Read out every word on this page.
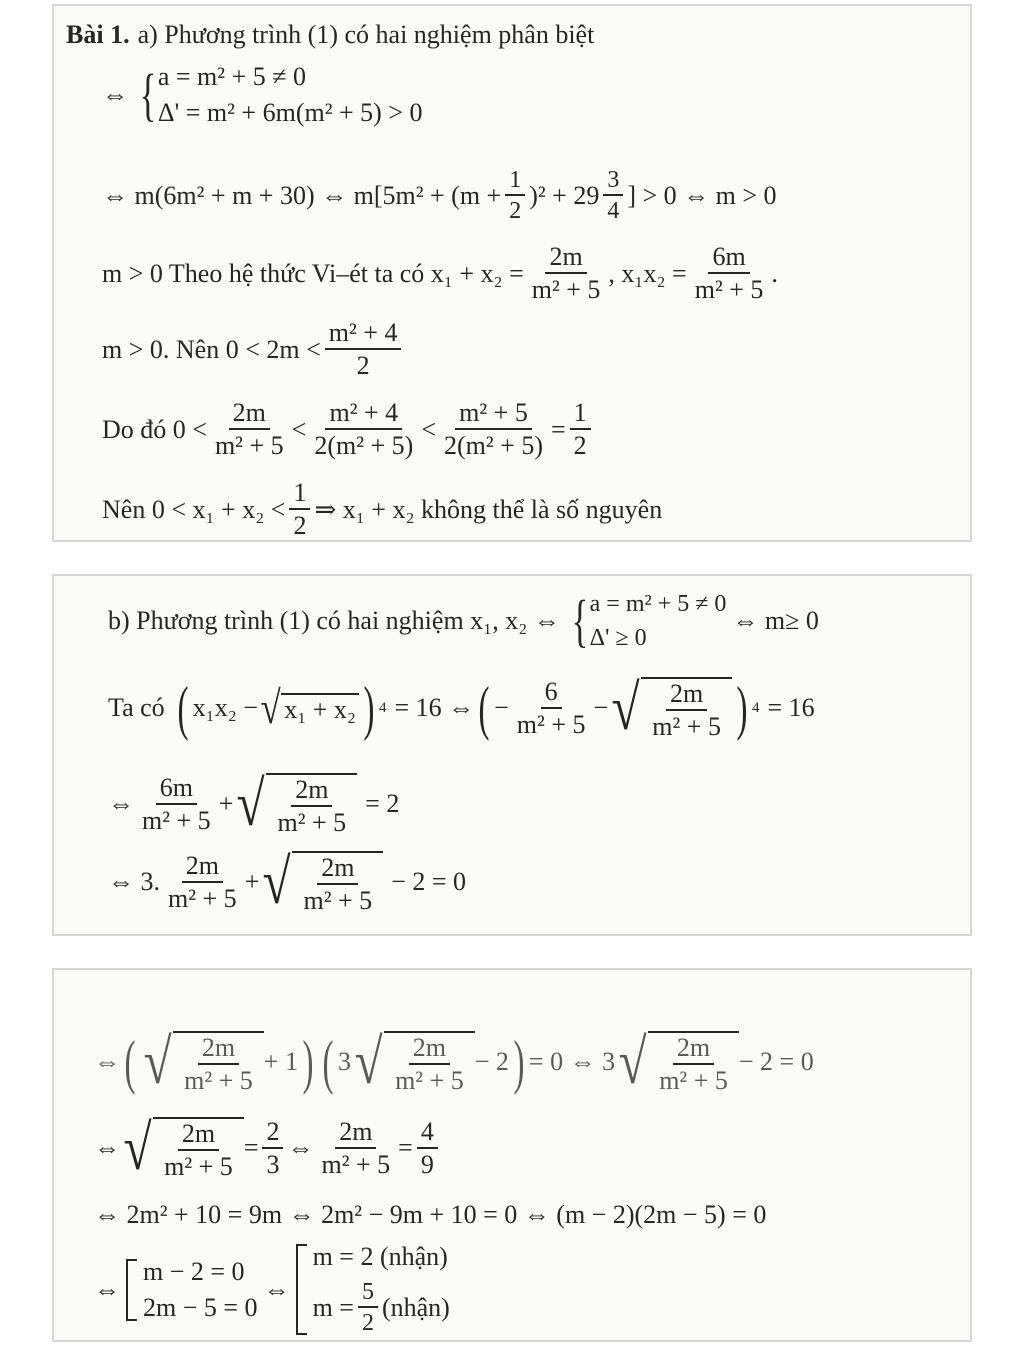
Bài 1. a) Phương trình (1) có hai nghiệm phân biệt
⇔ { a = m² + 5 ≠ 0
Δ' = m² + 6m(m² + 5) > 0
⇔ m(6m² + m + 30) ⇔ $m[5m^2 + (m + \frac{1}{2} )^2 + 29 \frac{3}{4}$ ] > 0 ⇔ m > 0
m > 0 Theo hệ thức Vi–ét ta có $x_1 + x_2 = \frac{2m}{\text{m² + 5}}$ , $x_1x_2 = \frac{6m}{\text{m² + 5}}$ .
m > 0. Nên $0 < 2m < \frac{\text{m² + 4}}{2}$
Do đó $0 < \frac{2m}{\text{m² + 5}} < \frac{\text{m² + 4}}{\text{2(m² + 5)}} < \frac{\text{m² + 5}}{\text{2(m² + 5)}} = \frac{1}{2}$
Nên $0 < x_1 + x_2 < \frac{1}{2}$ ⇒ x₁ + x₂ không thể là số nguyên
b) Phương trình (1) có hai nghiệm x₁, x₂ ⇔ { a = m² + 5 ≠ 0
Δ' ≥ 0
⇔ m≥ 0
Ta có ( x₁x₂ − √ x₁ + x₂ ) 4 = 16 ⇔ ( − $\frac{6}{\text{m² + 5}}$ − √ $\frac{2m}{\text{m² + 5}}$ ) 4 = 16
⇔ $\frac{6m}{\text{m² + 5}}$ + √ $\frac{2m}{\text{m² + 5}} = 2$
⇔ 3. $\frac{2m}{\text{m² + 5}}$ + √ $\frac{2m}{\text{m² + 5}} - 2 = 0$
⇔ ( √ $\frac{2m}{\text{m² + 5}} + 1$ ) ( 3 √ $\frac{2m}{\text{m² + 5}} - 2$ ) = 0 ⇔ 3 √ $\frac{2m}{\text{m² + 5}} - 2 = 0$
⇔ √ $\frac{2m}{\text{m² + 5}} = \frac{2}{3}$ ⇔ $\frac{2m}{\text{m² + 5}} = \frac{4}{9}$
⇔ 2m² + 10 = 9m ⇔ 2m² − 9m + 10 = 0 ⇔ (m − 2)(2m − 5) = 0
⇔
m − 2 = 0
2m − 5 = 0
⇔
m = 2 (nhận)
$m = \frac{5}{2}$ (nhận)
